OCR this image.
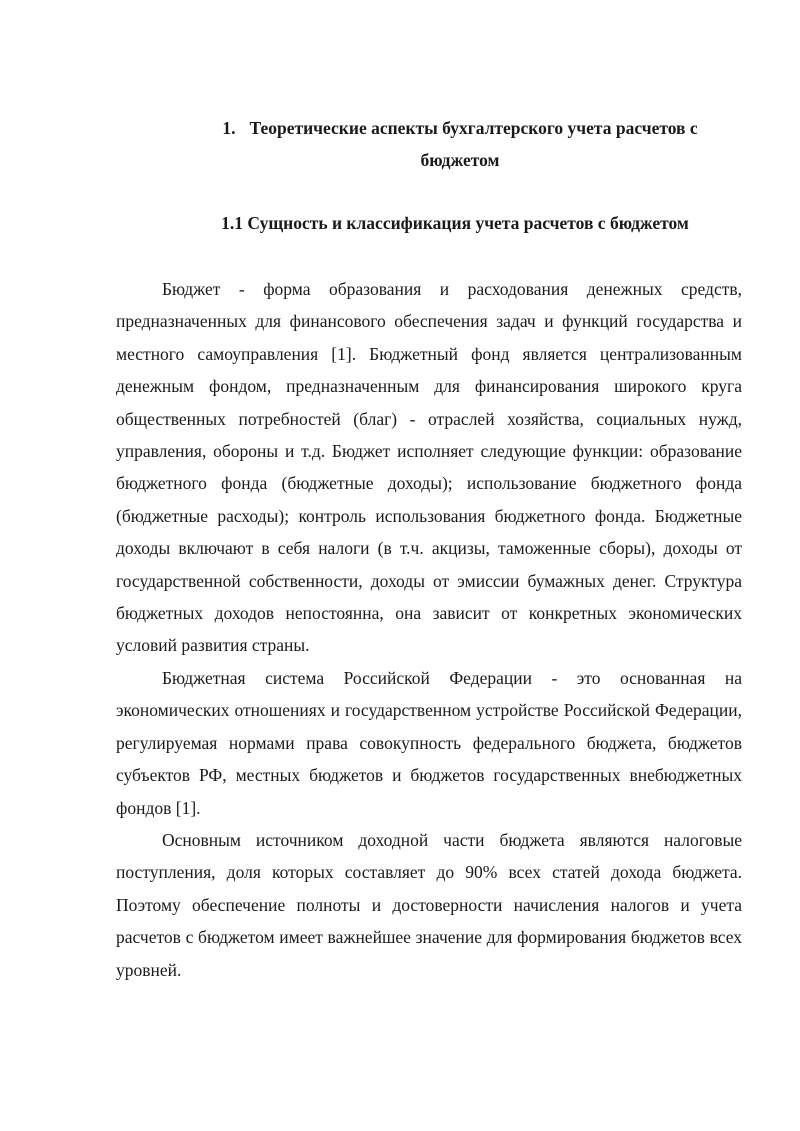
1. Теоретические аспекты бухгалтерского учета расчетов с бюджетом
1.1 Сущность и классификация учета расчетов с бюджетом

Бюджет - форма образования и расходования денежных средств, предназначенных для финансового обеспечения задач и функций государства и местного самоуправления [1]. Бюджетный фонд является централизованным денежным фондом, предназначенным для финансирования широкого круга общественных потребностей (благ) - отраслей хозяйства, социальных нужд, управления, обороны и т.д. Бюджет исполняет следующие функции: образование бюджетного фонда (бюджетные доходы); использование бюджетного фонда (бюджетные расходы); контроль использования бюджетного фонда. Бюджетные доходы включают в себя налоги (в т.ч. акцизы, таможенные сборы), доходы от государственной собственности, доходы от эмиссии бумажных денег. Структура бюджетных доходов непостоянна, она зависит от конкретных экономических условий развития страны.

Бюджетная система Российской Федерации - это основанная на экономических отношениях и государственном устройстве Российской Федерации, регулируемая нормами права совокупность федерального бюджета, бюджетов субъектов РФ, местных бюджетов и бюджетов государственных внебюджетных фондов [1].

Основным источником доходной части бюджета являются налоговые поступления, доля которых составляет до 90% всех статей дохода бюджета. Поэтому обеспечение полноты и достоверности начисления налогов и учета расчетов с бюджетом имеет важнейшее значение для формирования бюджетов всех уровней.
